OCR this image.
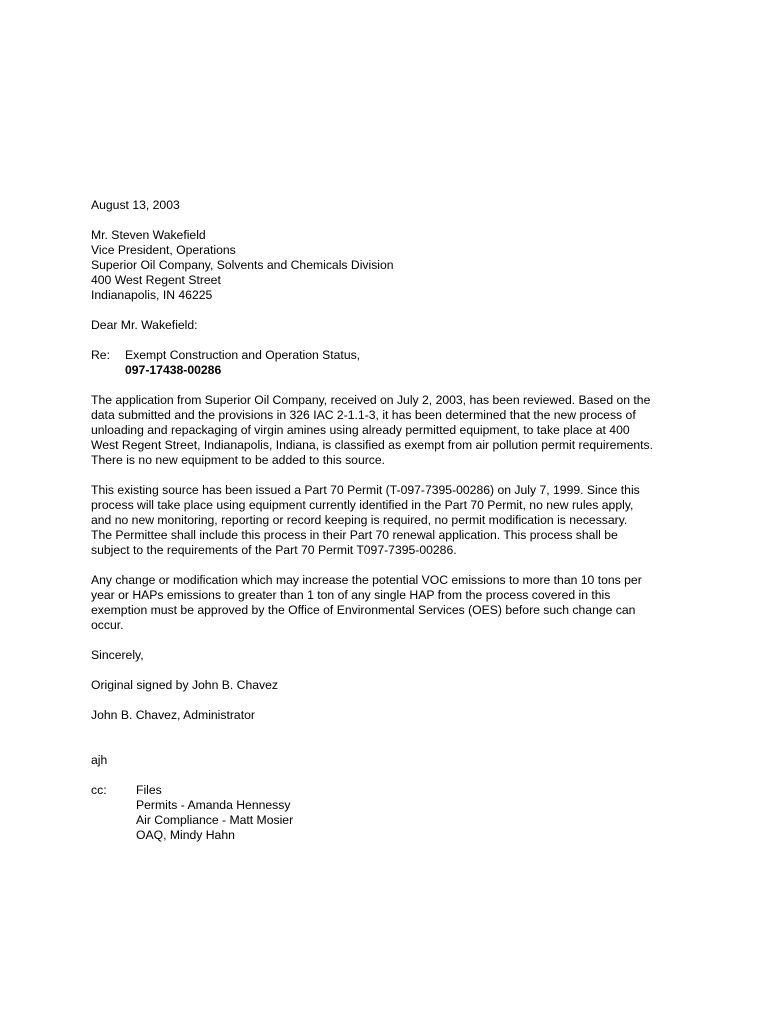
August 13, 2003
Mr. Steven Wakefield
Vice President, Operations
Superior Oil Company, Solvents and Chemicals Division
400 West Regent Street
Indianapolis, IN 46225
Dear Mr. Wakefield:
Re:	Exempt Construction and Operation Status,
097-17438-00286
The application from Superior Oil Company, received on July 2, 2003, has been reviewed. Based on the
data submitted and the provisions in 326 IAC 2-1.1-3, it has been determined that the new process of
unloading and repackaging of virgin amines using already permitted equipment, to take place at 400
West Regent Street, Indianapolis, Indiana, is classified as exempt from air pollution permit requirements.
There is no new equipment to be added to this source.
This existing source has been issued a Part 70 Permit (T-097-7395-00286) on July 7, 1999. Since this
process will take place using equipment currently identified in the Part 70 Permit, no new rules apply,
and no new monitoring, reporting or record keeping is required, no permit modification is necessary.
The Permittee shall include this process in their Part 70 renewal application. This process shall be
subject to the requirements of the Part 70 Permit T097-7395-00286.
Any change or modification which may increase the potential VOC emissions to more than 10 tons per
year or HAPs emissions to greater than 1 ton of any single HAP from the process covered in this
exemption must be approved by the Office of Environmental Services (OES) before such change can
occur.
Sincerely,
Original signed by John B. Chavez
John B. Chavez, Administrator
ajh
cc:	Files
Permits - Amanda Hennessy
Air Compliance - Matt Mosier
OAQ, Mindy Hahn
